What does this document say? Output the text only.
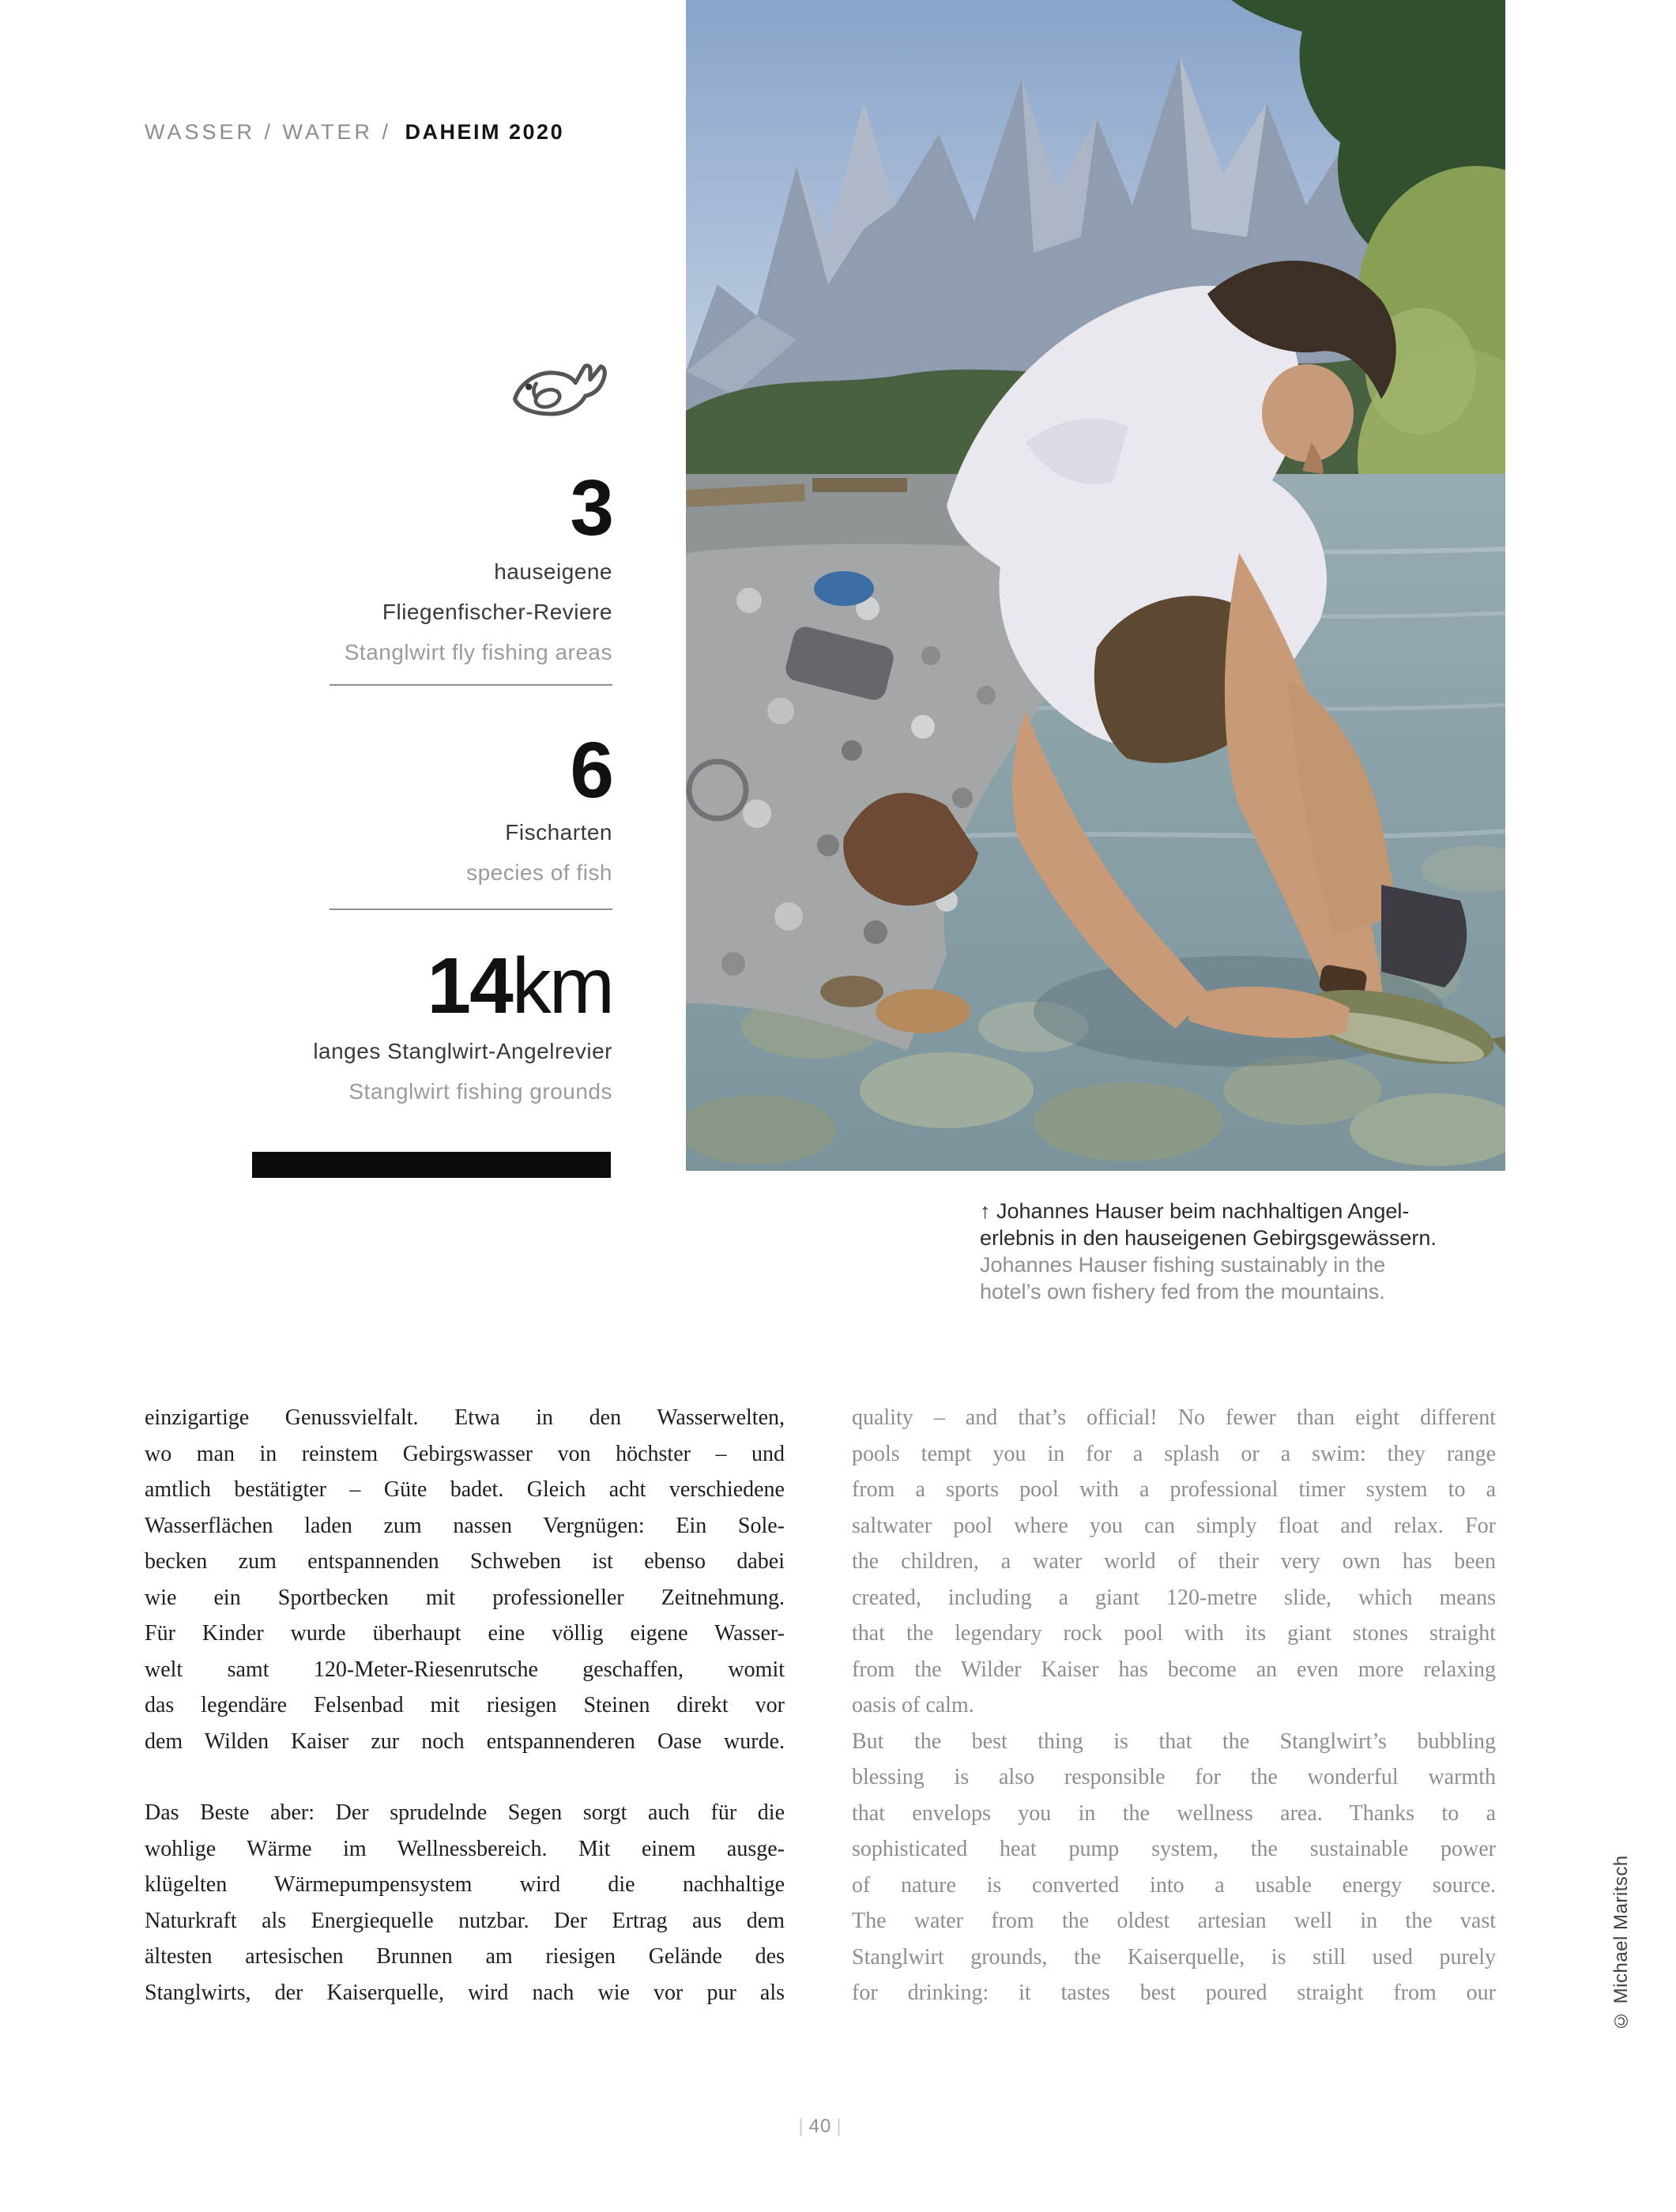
WASSER / WATER / DAHEIM 2020
3
hauseigene
Fliegenfischer-Reviere
Stanglwirt fly fishing areas
6
Fischarten
species of fish
14km
langes Stanglwirt-Angelrevier
Stanglwirt fishing grounds
↑ Johannes Hauser beim nachhaltigen Angel-
erlebnis in den hauseigenen Gebirgsgewässern.
Johannes Hauser fishing sustainably in the
hotel’s own fishery fed from the mountains.
einzigartige Genussvielfalt. Etwa in den Wasserwelten,
wo man in reinstem Gebirgswasser von höchster – und
amtlich bestätigter – Güte badet. Gleich acht verschiedene
Wasserflächen laden zum nassen Vergnügen: Ein Sole-
becken zum entspannenden Schweben ist ebenso dabei
wie ein Sportbecken mit professioneller Zeitnehmung.
Für Kinder wurde überhaupt eine völlig eigene Wasser-
welt samt 120-Meter-Riesenrutsche geschaffen, womit
das legendäre Felsenbad mit riesigen Steinen direkt vor
dem Wilden Kaiser zur noch entspannenderen Oase wurde.
Das Beste aber: Der sprudelnde Segen sorgt auch für die
wohlige Wärme im Wellnessbereich. Mit einem ausge-
klügelten Wärmepumpensystem wird die nachhaltige
Naturkraft als Energiequelle nutzbar. Der Ertrag aus dem
ältesten artesischen Brunnen am riesigen Gelände des
Stanglwirts, der Kaiserquelle, wird nach wie vor pur als
quality – and that’s official! No fewer than eight different
pools tempt you in for a splash or a swim: they range
from a sports pool with a professional timer system to a
saltwater pool where you can simply float and relax. For
the children, a water world of their very own has been
created, including a giant 120-metre slide, which means
that the legendary rock pool with its giant stones straight
from the Wilder Kaiser has become an even more relaxing
oasis of calm.
But the best thing is that the Stanglwirt’s bubbling
blessing is also responsible for the wonderful warmth
that envelops you in the wellness area. Thanks to a
sophisticated heat pump system, the sustainable power
of nature is converted into a usable energy source.
The water from the oldest artesian well in the vast
Stanglwirt grounds, the Kaiserquelle, is still used purely
for drinking: it tastes best poured straight from our	© Michael Maritsch
| 40 |
